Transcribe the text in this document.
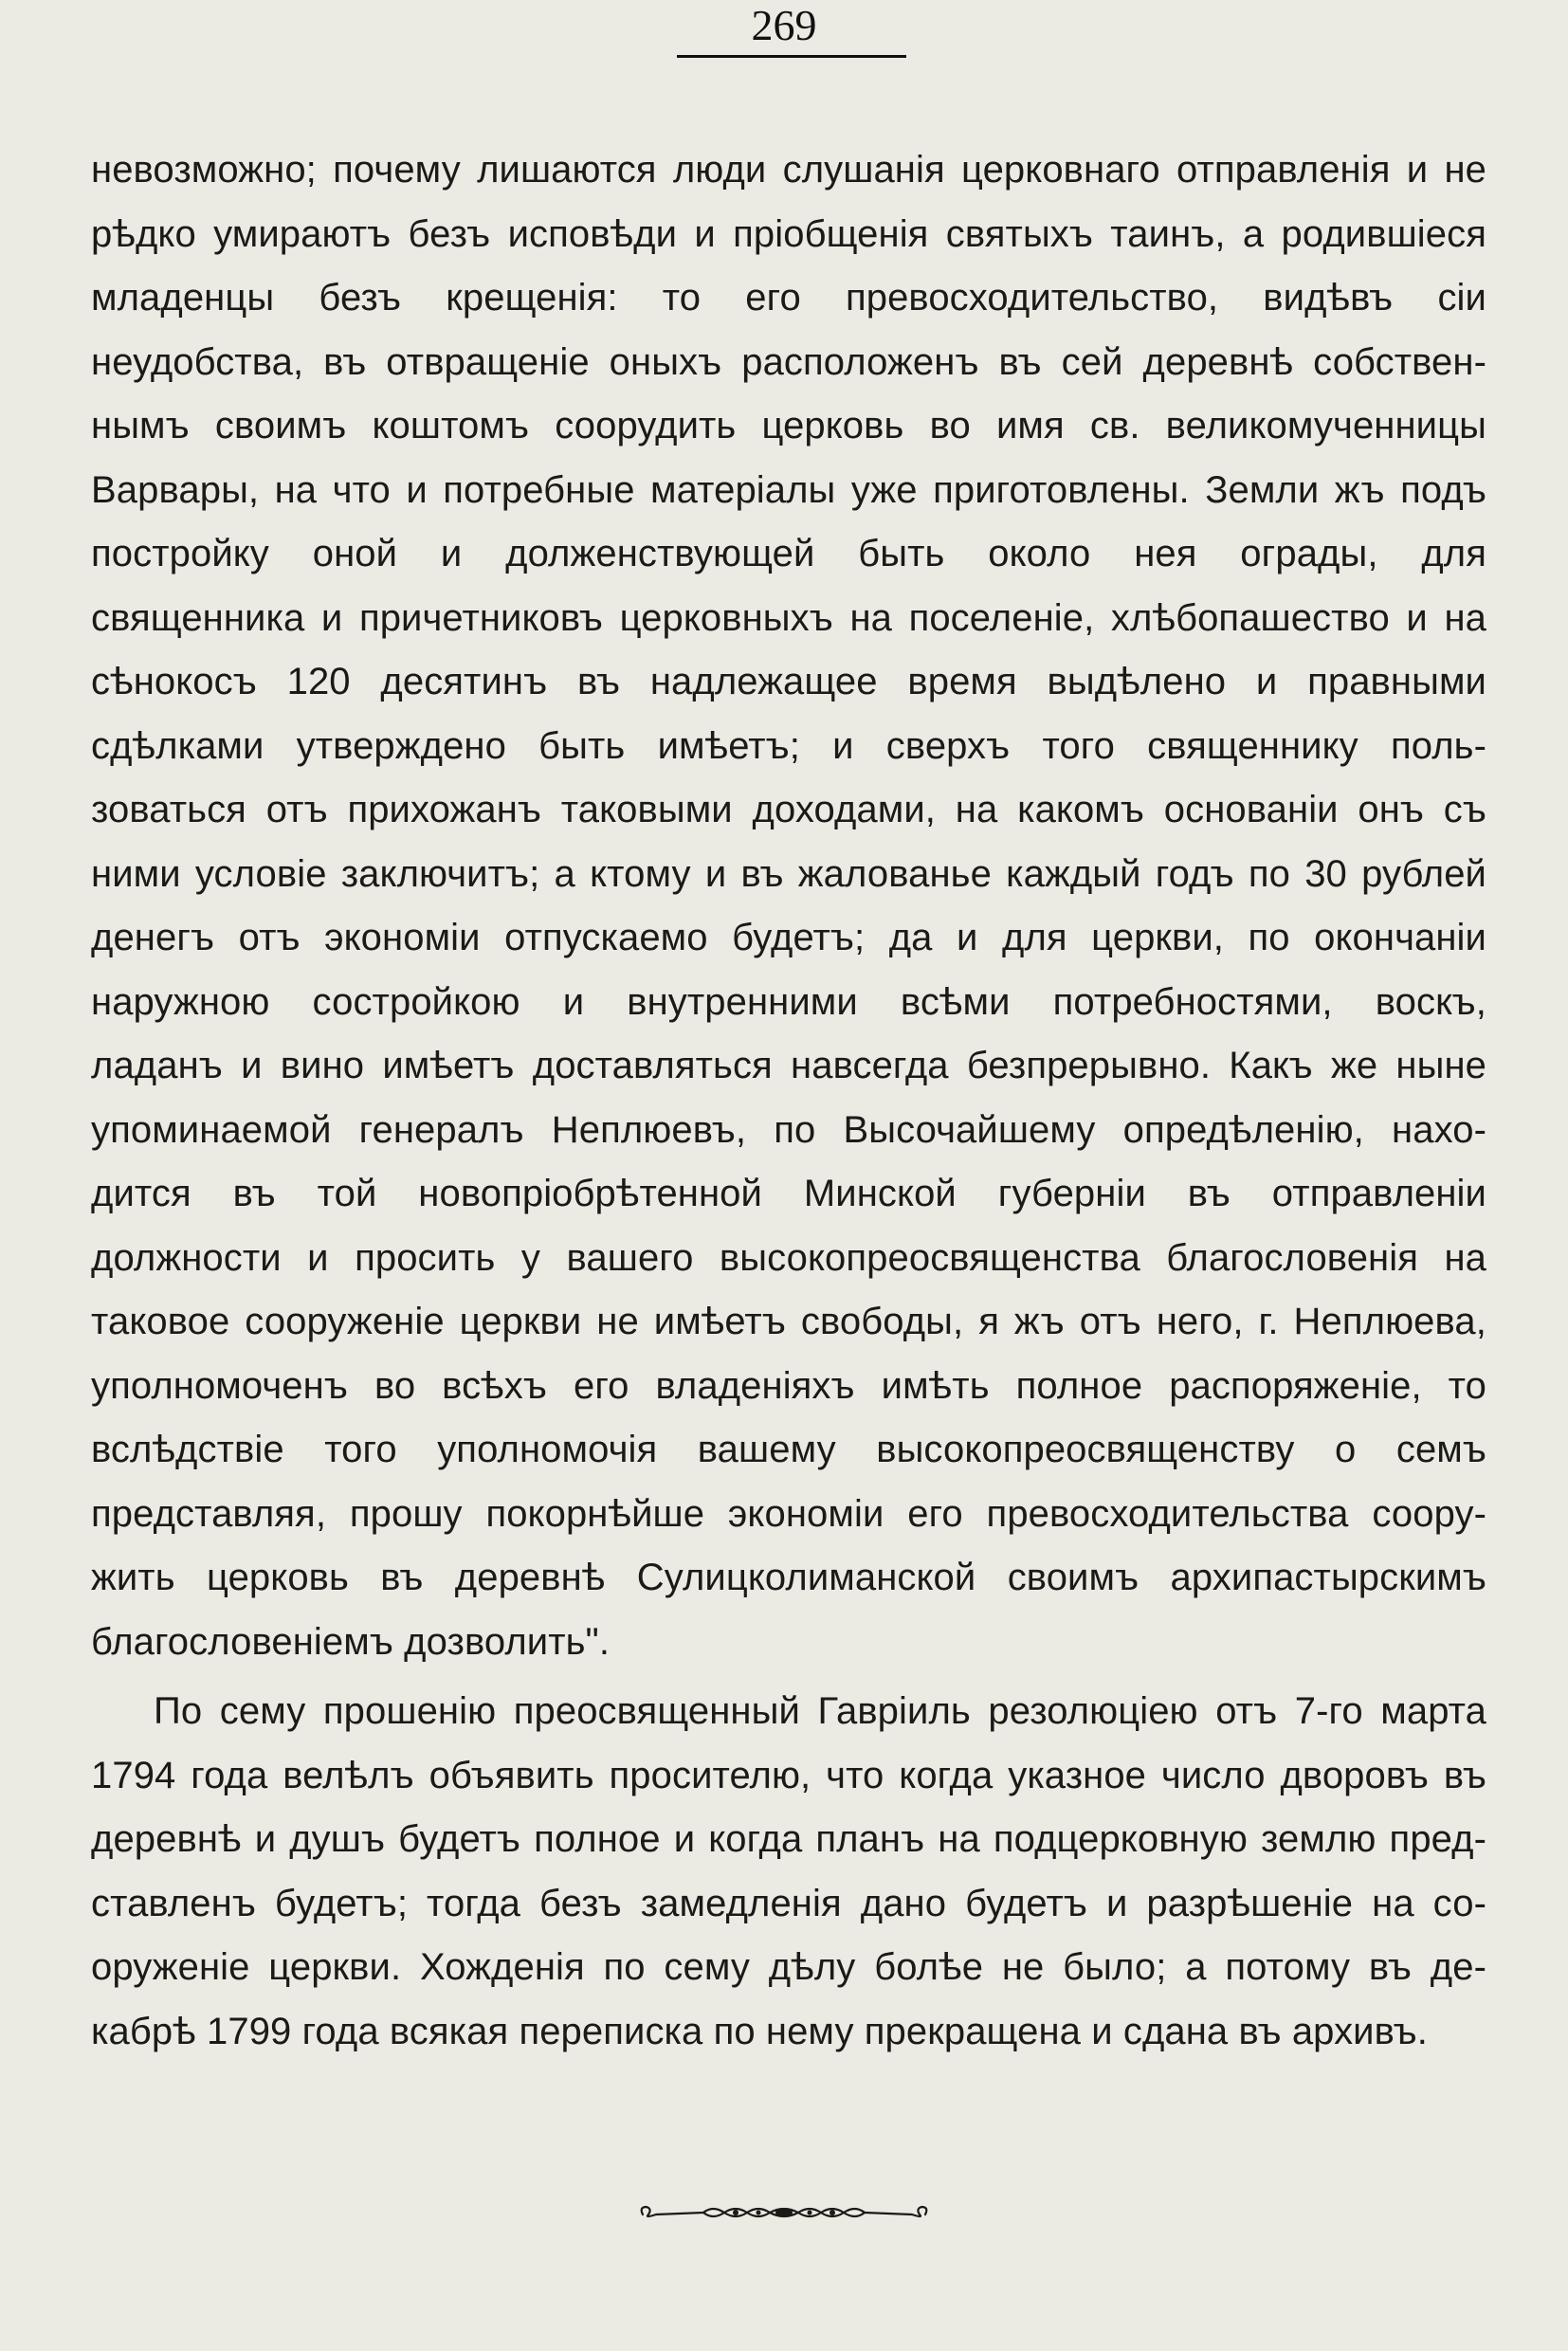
269
невозможно; почему лишаются люди слушанія церковнаго отправленія и не
рѣдко умираютъ безъ исповѣди и пріобщенія святыхъ таинъ, а родившіеся
младенцы безъ крещенія: то его превосходительство, видѣвъ сіи
неудобства, въ отвращеніе оныхъ расположенъ въ сей деревнѣ собствен-
нымъ своимъ коштомъ соорудить церковь во имя св. великомученницы
Варвары, на что и потребные матеріалы уже приготовлены. Земли жъ подъ
постройку оной и долженствующей быть около нея ограды, для
священника и причетниковъ церковныхъ на поселеніе, хлѣбопашество и на
сѣнокосъ 120 десятинъ въ надлежащее время выдѣлено и правными
сдѣлками утверждено быть имѣетъ; и сверхъ того священнику поль-
зоваться отъ прихожанъ таковыми доходами, на какомъ основаніи онъ съ
ними условіе заключитъ; а ктому и въ жалованье каждый годъ по 30 рублей
денегъ отъ экономіи отпускаемо будетъ; да и для церкви, по окончаніи
наружною состройкою и внутренними всѣми потребностями, воскъ,
ладанъ и вино имѣетъ доставляться навсегда безпрерывно. Какъ же ныне
упоминаемой генералъ Неплюевъ, по Высочайшему опредѣленію, нахо-
дится въ той новопріобрѣтенной Минской губерніи въ отправленіи
должности и просить у вашего высокопреосвященства благословенія на
таковое сооруженіе церкви не имѣетъ свободы, я жъ отъ него, г. Неплюева,
уполномоченъ во всѣхъ его владеніяхъ имѣть полное распоряженіе, то
вслѣдствіе того уполномочія вашему высокопреосвященству о семъ
представляя, прошу покорнѣйше экономіи его превосходительства соору-
жить церковь въ деревнѣ Сулицколиманской своимъ архипастырскимъ
благословеніемъ дозволить".
По сему прошенію преосвященный Гавріиль резолюціею отъ 7-го марта
1794 года велѣлъ объявить просителю, что когда указное число дворовъ въ
деревнѣ и душъ будетъ полное и когда планъ на подцерковную землю пред-
ставленъ будетъ; тогда безъ замедленія дано будетъ и разрѣшеніе на со-
оруженіе церкви. Хожденія по сему дѣлу болѣе не было; а потому въ де-
кабрѣ 1799 года всякая переписка по нему прекращена и сдана въ архивъ.
